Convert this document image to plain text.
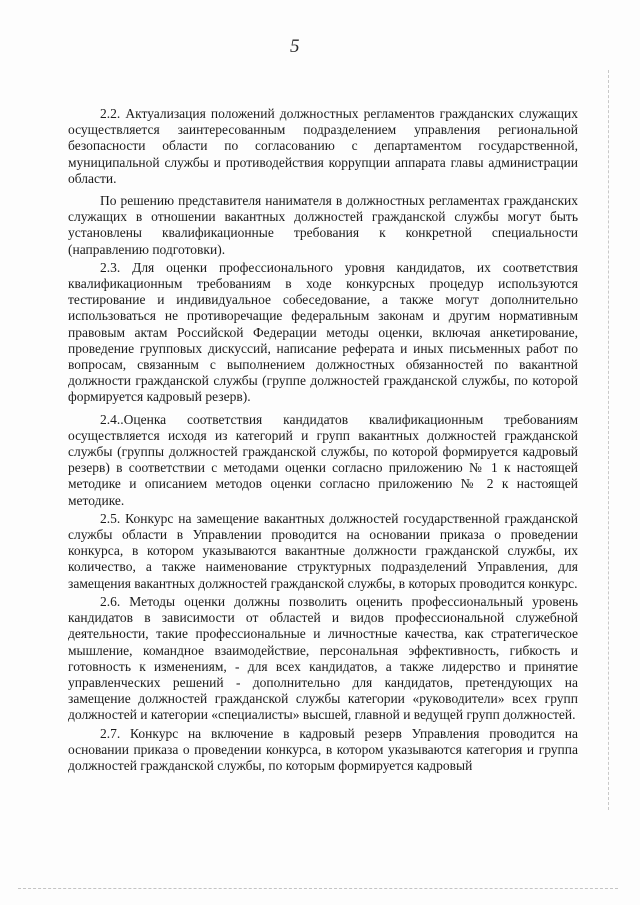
5

2.2. Актуализация положений должностных регламентов гражданских служащих осуществляется заинтересованным подразделением управления региональной безопасности области по согласованию с департаментом государственной, муниципальной службы и противодействия коррупции аппарата главы администрации области.

По решению представителя нанимателя в должностных регламентах гражданских служащих в отношении вакантных должностей гражданской службы могут быть установлены квалификационные требования к конкретной специальности (направлению подготовки).

2.3. Для оценки профессионального уровня кандидатов, их соответствия квалификационным требованиям в ходе конкурсных процедур используются тестирование и индивидуальное собеседование, а также могут дополнительно использоваться не противоречащие федеральным законам и другим нормативным правовым актам Российской Федерации методы оценки, включая анкетирование, проведение групповых дискуссий, написание реферата и иных письменных работ по вопросам, связанным с выполнением должностных обязанностей по вакантной должности гражданской службы (группе должностей гражданской службы, по которой формируется кадровый резерв).

2.4..Оценка соответствия кандидатов квалификационным требованиям осуществляется исходя из категорий и групп вакантных должностей гражданской службы (группы должностей гражданской службы, по которой формируется кадровый резерв) в соответствии с методами оценки согласно приложению № 1 к настоящей методике и описанием методов оценки согласно приложению № 2 к настоящей методике.

2.5. Конкурс на замещение вакантных должностей государственной гражданской службы области в Управлении проводится на основании приказа о проведении конкурса, в котором указываются вакантные должности гражданской службы, их количество, а также наименование структурных подразделений Управления, для замещения вакантных должностей гражданской службы, в которых проводится конкурс.

2.6. Методы оценки должны позволить оценить профессиональный уровень кандидатов в зависимости от областей и видов профессиональной служебной деятельности, такие профессиональные и личностные качества, как стратегическое мышление, командное взаимодействие, персональная эффективность, гибкость и готовность к изменениям, - для всех кандидатов, а также лидерство и принятие управленческих решений - дополнительно для кандидатов, претендующих на замещение должностей гражданской службы категории «руководители» всех групп должностей и категории «специалисты» высшей, главной и ведущей групп должностей.

2.7. Конкурс на включение в кадровый резерв Управления проводится на основании приказа о проведении конкурса, в котором указываются категория и группа должностей гражданской службы, по которым формируется кадровый
